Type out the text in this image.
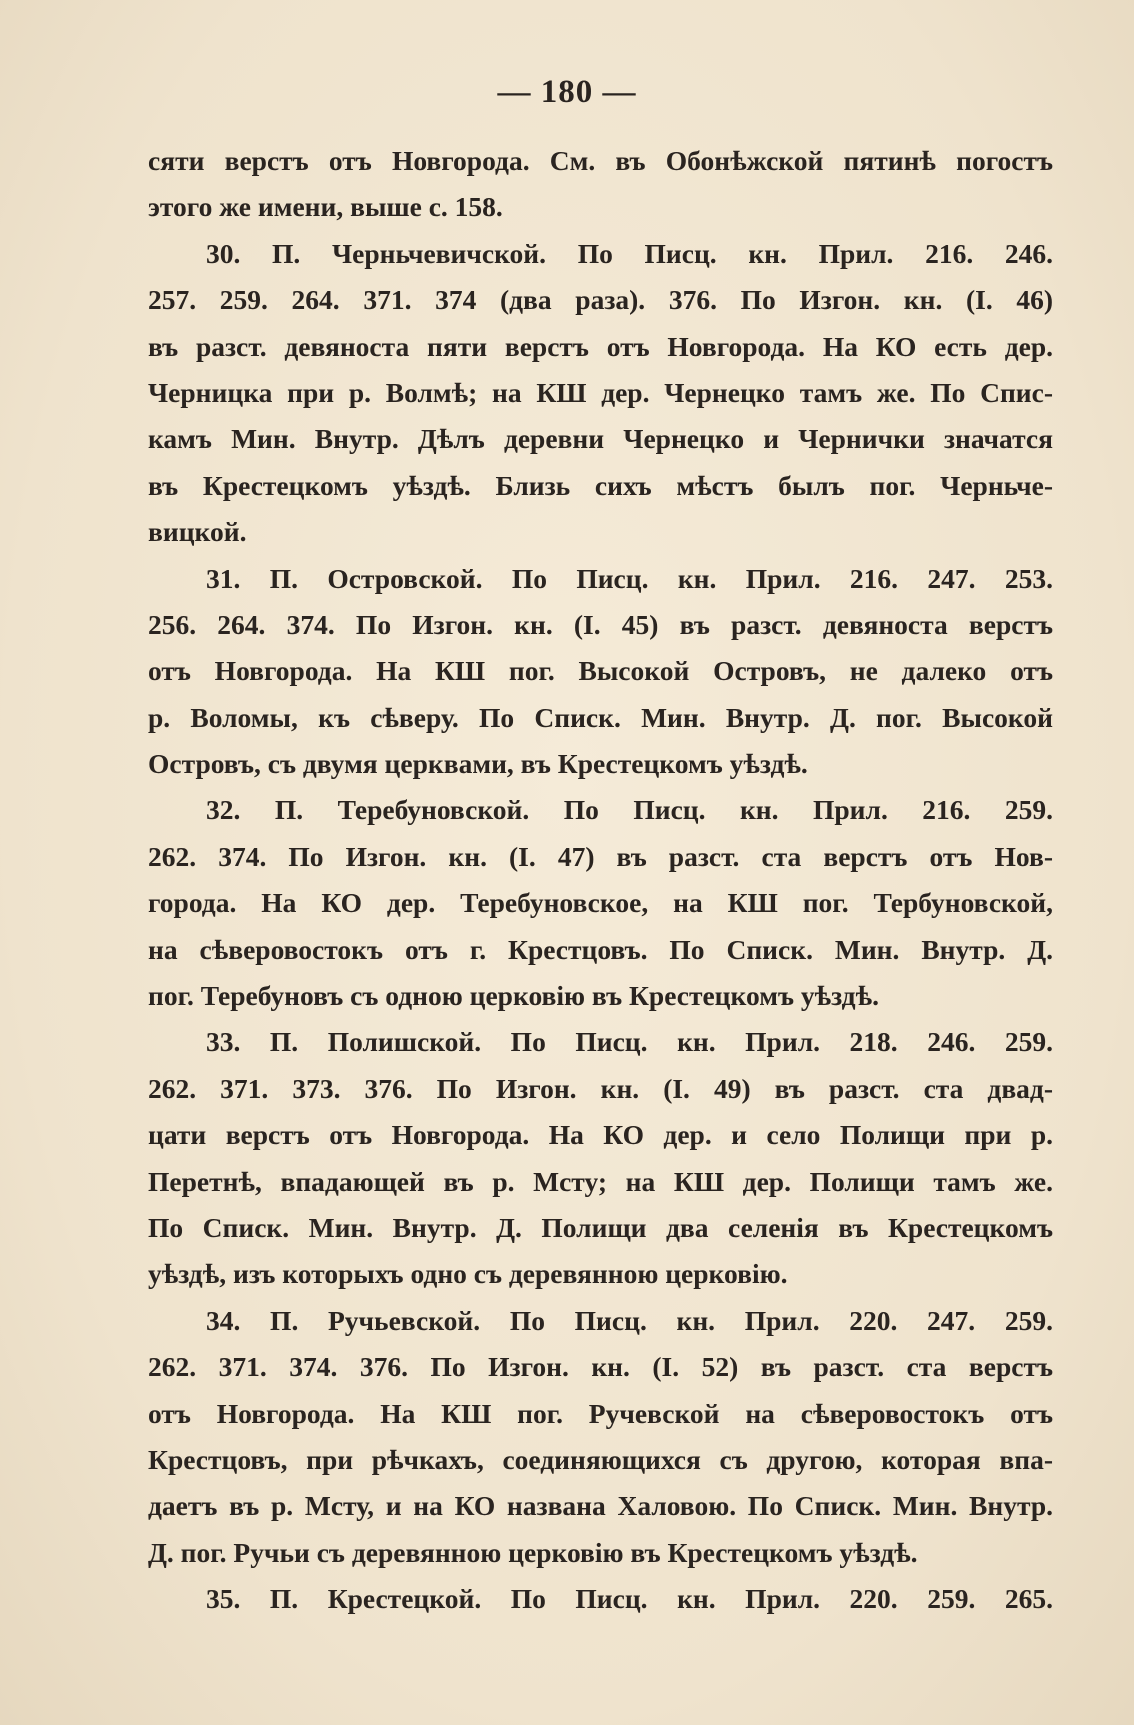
— 180 —
сяти верстъ отъ Новгорода. См. въ Обонѣжской пятинѣ погостъ
этого же имени, выше с. 158.
30. П. Черньчевичской. По Писц. кн. Прил. 216. 246.
257. 259. 264. 371. 374 (два раза). 376. По Изгон. кн. (I. 46)
въ разст. девяноста пяти верстъ отъ Новгорода. На КО есть дер.
Черницка при р. Волмѣ; на КШ дер. Чернецко тамъ же. По Спис-
камъ Мин. Внутр. Дѣлъ деревни Чернецко и Чернички значатся
въ Крестецкомъ уѣздѣ. Близь сихъ мѣстъ былъ пог. Черньче-
вицкой.
31. П. Островской. По Писц. кн. Прил. 216. 247. 253.
256. 264. 374. По Изгон. кн. (I. 45) въ разст. девяноста верстъ
отъ Новгорода. На КШ пог. Высокой Островъ, не далеко отъ
р. Воломы, къ сѣверу. По Списк. Мин. Внутр. Д. пог. Высокой
Островъ, съ двумя церквами, въ Крестецкомъ уѣздѣ.
32. П. Теребуновской. По Писц. кн. Прил. 216. 259.
262. 374. По Изгон. кн. (I. 47) въ разст. ста верстъ отъ Нов-
города. На КО дер. Теребуновское, на КШ пог. Тербуновской,
на сѣверовостокъ отъ г. Крестцовъ. По Списк. Мин. Внутр. Д.
пог. Теребуновъ съ одною церковію въ Крестецкомъ уѣздѣ.
33. П. Полишской. По Писц. кн. Прил. 218. 246. 259.
262. 371. 373. 376. По Изгон. кн. (I. 49) въ разст. ста двад-
цати верстъ отъ Новгорода. На КО дер. и село Полищи при р.
Перетнѣ, впадающей въ р. Мсту; на КШ дер. Полищи тамъ же.
По Списк. Мин. Внутр. Д. Полищи два селенія въ Крестецкомъ
уѣздѣ, изъ которыхъ одно съ деревянною церковію.
34. П. Ручьевской. По Писц. кн. Прил. 220. 247. 259.
262. 371. 374. 376. По Изгон. кн. (I. 52) въ разст. ста верстъ
отъ Новгорода. На КШ пог. Ручевской на сѣверовостокъ отъ
Крестцовъ, при рѣчкахъ, соединяющихся съ другою, которая впа-
даетъ въ р. Мсту, и на КО названа Халовою. По Списк. Мин. Внутр.
Д. пог. Ручьи съ деревянною церковію въ Крестецкомъ уѣздѣ.
35. П. Крестецкой. По Писц. кн. Прил. 220. 259. 265.
